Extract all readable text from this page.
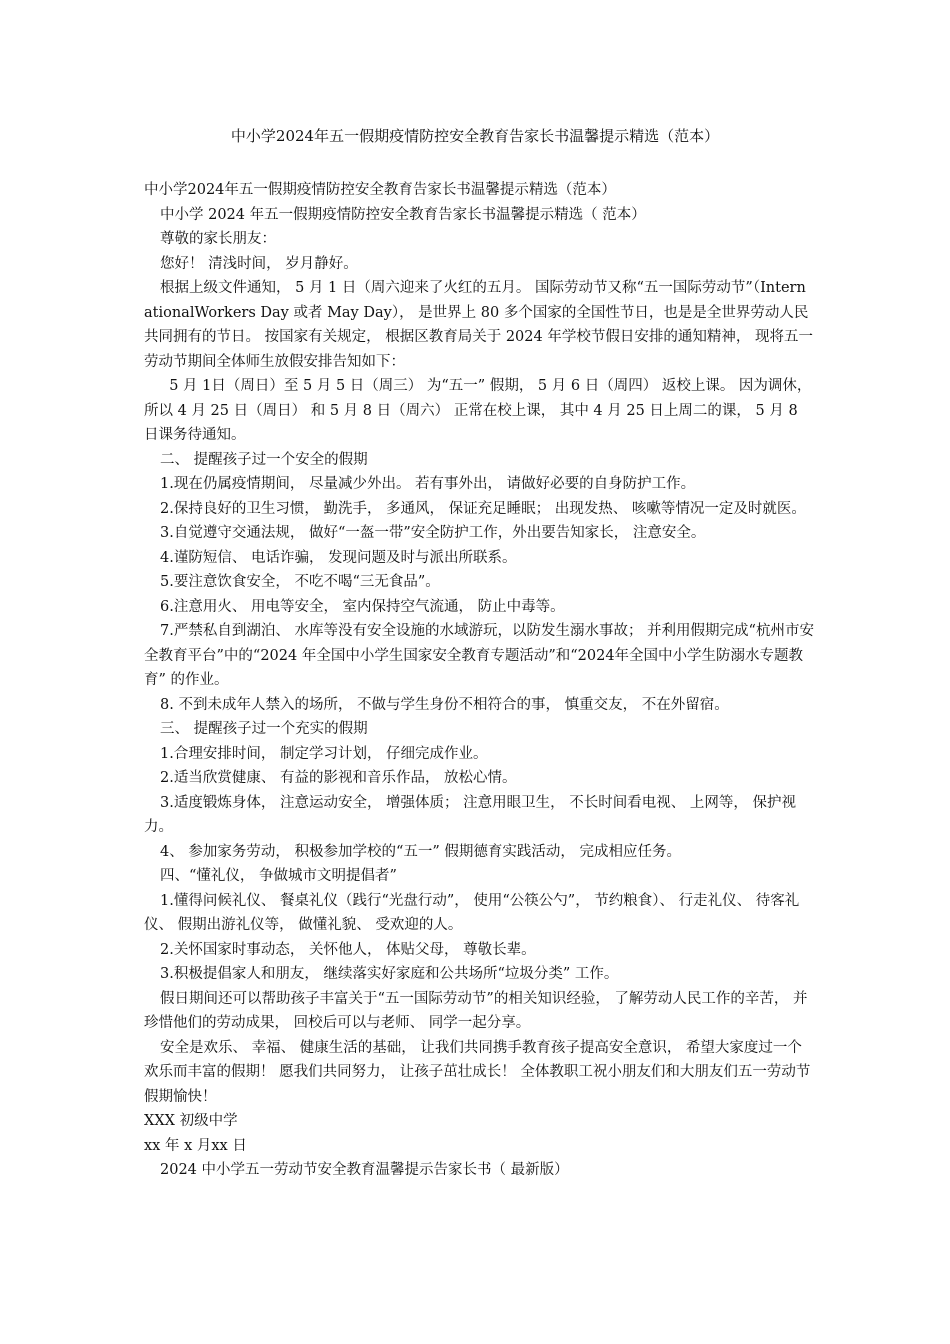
中小学2024年五一假期疫情防控安全教育告家长书温馨提示精选（范本）

中小学2024年五一假期疫情防控安全教育告家长书温馨提示精选（范本）

中小学 2024 年五一假期疫情防控安全教育告家长书温馨提示精选（ 范本）

尊敬的家长朋友：

您好！ 清浅时间， 岁月静好。

根据上级文件通知， 5 月 1 日（周六迎来了火红的五月。 国际劳动节又称“五一国际劳动节”（InternationalWorkers Day 或者 May Day）， 是世界上 80 多个国家的全国性节日，也是是全世界劳动人民共同拥有的节日。 按国家有关规定， 根据区教育局关于 2024 年学校节假日安排的通知精神， 现将五一劳动节期间全体师生放假安排告知如下：

5 月 1日（周日）至 5 月 5 日（周三） 为“五一” 假期， 5 月 6 日（周四） 返校上课。 因为调休， 所以 4 月 25 日（周日） 和 5 月 8 日（周六） 正常在校上课， 其中 4 月 25 日上周二的课， 5 月 8 日课务待通知。

二、 提醒孩子过一个安全的假期

1.现在仍属疫情期间， 尽量减少外出。 若有事外出， 请做好必要的自身防护工作。

2.保持良好的卫生习惯， 勤洗手， 多通风， 保证充足睡眠； 出现发热、 咳嗽等情况一定及时就医。

3.自觉遵守交通法规， 做好“一盔一带”安全防护工作，外出要告知家长， 注意安全。

4.谨防短信、 电话诈骗， 发现问题及时与派出所联系。

5.要注意饮食安全， 不吃不喝“三无食品”。

6.注意用火、 用电等安全， 室内保持空气流通， 防止中毒等。

7.严禁私自到湖泊、 水库等没有安全设施的水域游玩，以防发生溺水事故； 并利用假期完成“杭州市安全教育平台”中的“2024 年全国中小学生国家安全教育专题活动”和“2024年全国中小学生防溺水专题教育” 的作业。

8. 不到未成年人禁入的场所， 不做与学生身份不相符合的事， 慎重交友， 不在外留宿。

三、 提醒孩子过一个充实的假期

1.合理安排时间， 制定学习计划， 仔细完成作业。

2.适当欣赏健康、 有益的影视和音乐作品， 放松心情。

3.适度锻炼身体， 注意运动安全， 增强体质； 注意用眼卫生， 不长时间看电视、 上网等， 保护视力。

4、 参加家务劳动， 积极参加学校的“五一” 假期德育实践活动， 完成相应任务。

四、“懂礼仪， 争做城市文明提倡者”

1.懂得问候礼仪、 餐桌礼仪（践行“光盘行动”， 使用“公筷公勺”， 节约粮食）、 行走礼仪、 待客礼仪、 假期出游礼仪等， 做懂礼貌、 受欢迎的人。

2.关怀国家时事动态， 关怀他人， 体贴父母， 尊敬长辈。

3.积极提倡家人和朋友， 继续落实好家庭和公共场所“垃圾分类” 工作。

假日期间还可以帮助孩子丰富关于“五一国际劳动节”的相关知识经验， 了解劳动人民工作的辛苦， 并珍惜他们的劳动成果， 回校后可以与老师、 同学一起分享。

安全是欢乐、 幸福、 健康生活的基础， 让我们共同携手教育孩子提高安全意识， 希望大家度过一个欢乐而丰富的假期！ 愿我们共同努力， 让孩子茁壮成长！ 全体教职工祝小朋友们和大朋友们五一劳动节假期愉快！

XXX 初级中学

xx 年 x 月xx 日

2024 中小学五一劳动节安全教育温馨提示告家长书（ 最新版）
